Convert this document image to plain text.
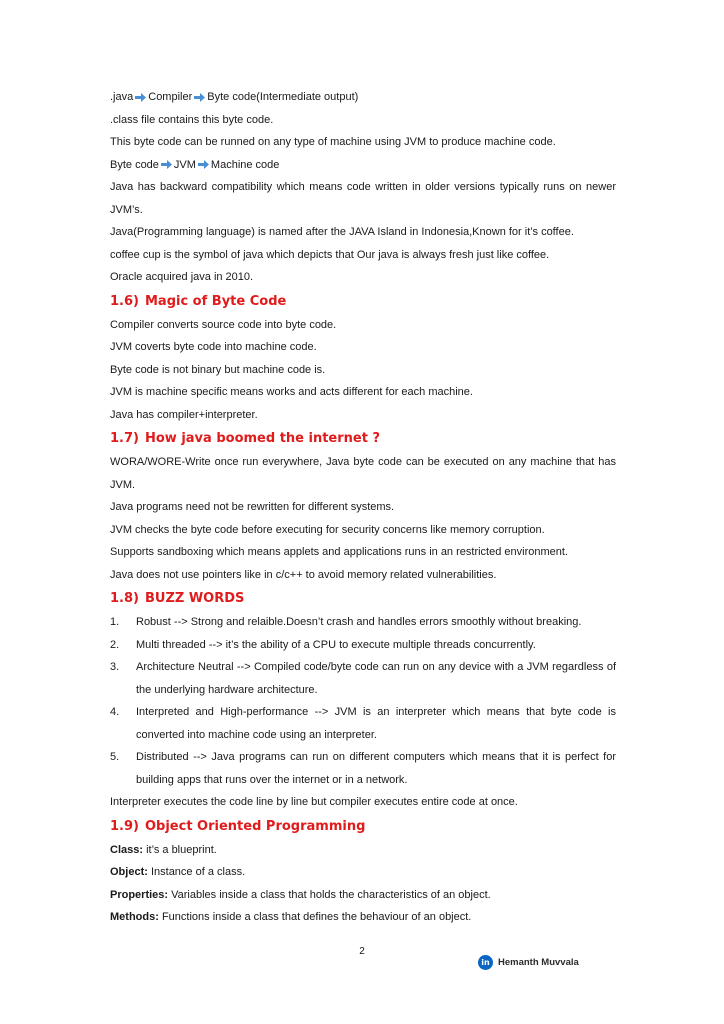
.java Compiler Byte code(Intermediate output)

.class file contains this byte code.

This byte code can be runned on any type of machine using JVM to produce machine code.

Byte code JVM Machine code

Java has backward compatibility which means code written in older versions typically runs on newer JVM’s.

Java(Programming language) is named after the JAVA Island in Indonesia,Known for it’s coffee.

coffee cup is the symbol of java which depicts that Our java is always fresh just like coffee.

Oracle acquired java in 2010.

1.6) Magic of Byte Code

Compiler converts source code into byte code.

JVM coverts byte code into machine code.

Byte code is not binary but machine code is.

JVM is machine specific means works and acts different for each machine.

Java has compiler+interpreter.

1.7) How java boomed the internet ?

WORA/WORE-Write once run everywhere, Java byte code can be executed on any machine that has JVM.

Java programs need not be rewritten for different systems.

JVM checks the byte code before executing for security concerns like memory corruption.

Supports sandboxing which means applets and applications runs in an restricted environment.

Java does not use pointers like in c/c++ to avoid memory related vulnerabilities.

1.8) BUZZ WORDS
1.	Robust --> Strong and relaible.Doesn’t crash and handles errors smoothly without breaking.
2.	Multi threaded --> it’s the ability of a CPU to execute multiple threads concurrently.
3.	Architecture Neutral --> Compiled code/byte code can run on any device with a JVM regardless of the underlying hardware architecture.
4.	Interpreted and High-performance --> JVM is an interpreter which means that byte code is converted into machine code using an interpreter.
5.	Distributed --> Java programs can run on different computers which means that it is perfect for building apps that runs over the internet or in a network.

Interpreter executes the code line by line but compiler executes entire code at once.

1.9) Object Oriented Programming

Class: it’s a blueprint.

Object: Instance of a class.

Properties: Variables inside a class that holds the characteristics of an object.

Methods: Functions inside a class that defines the behaviour of an object.

2
in Hemanth Muvvala
